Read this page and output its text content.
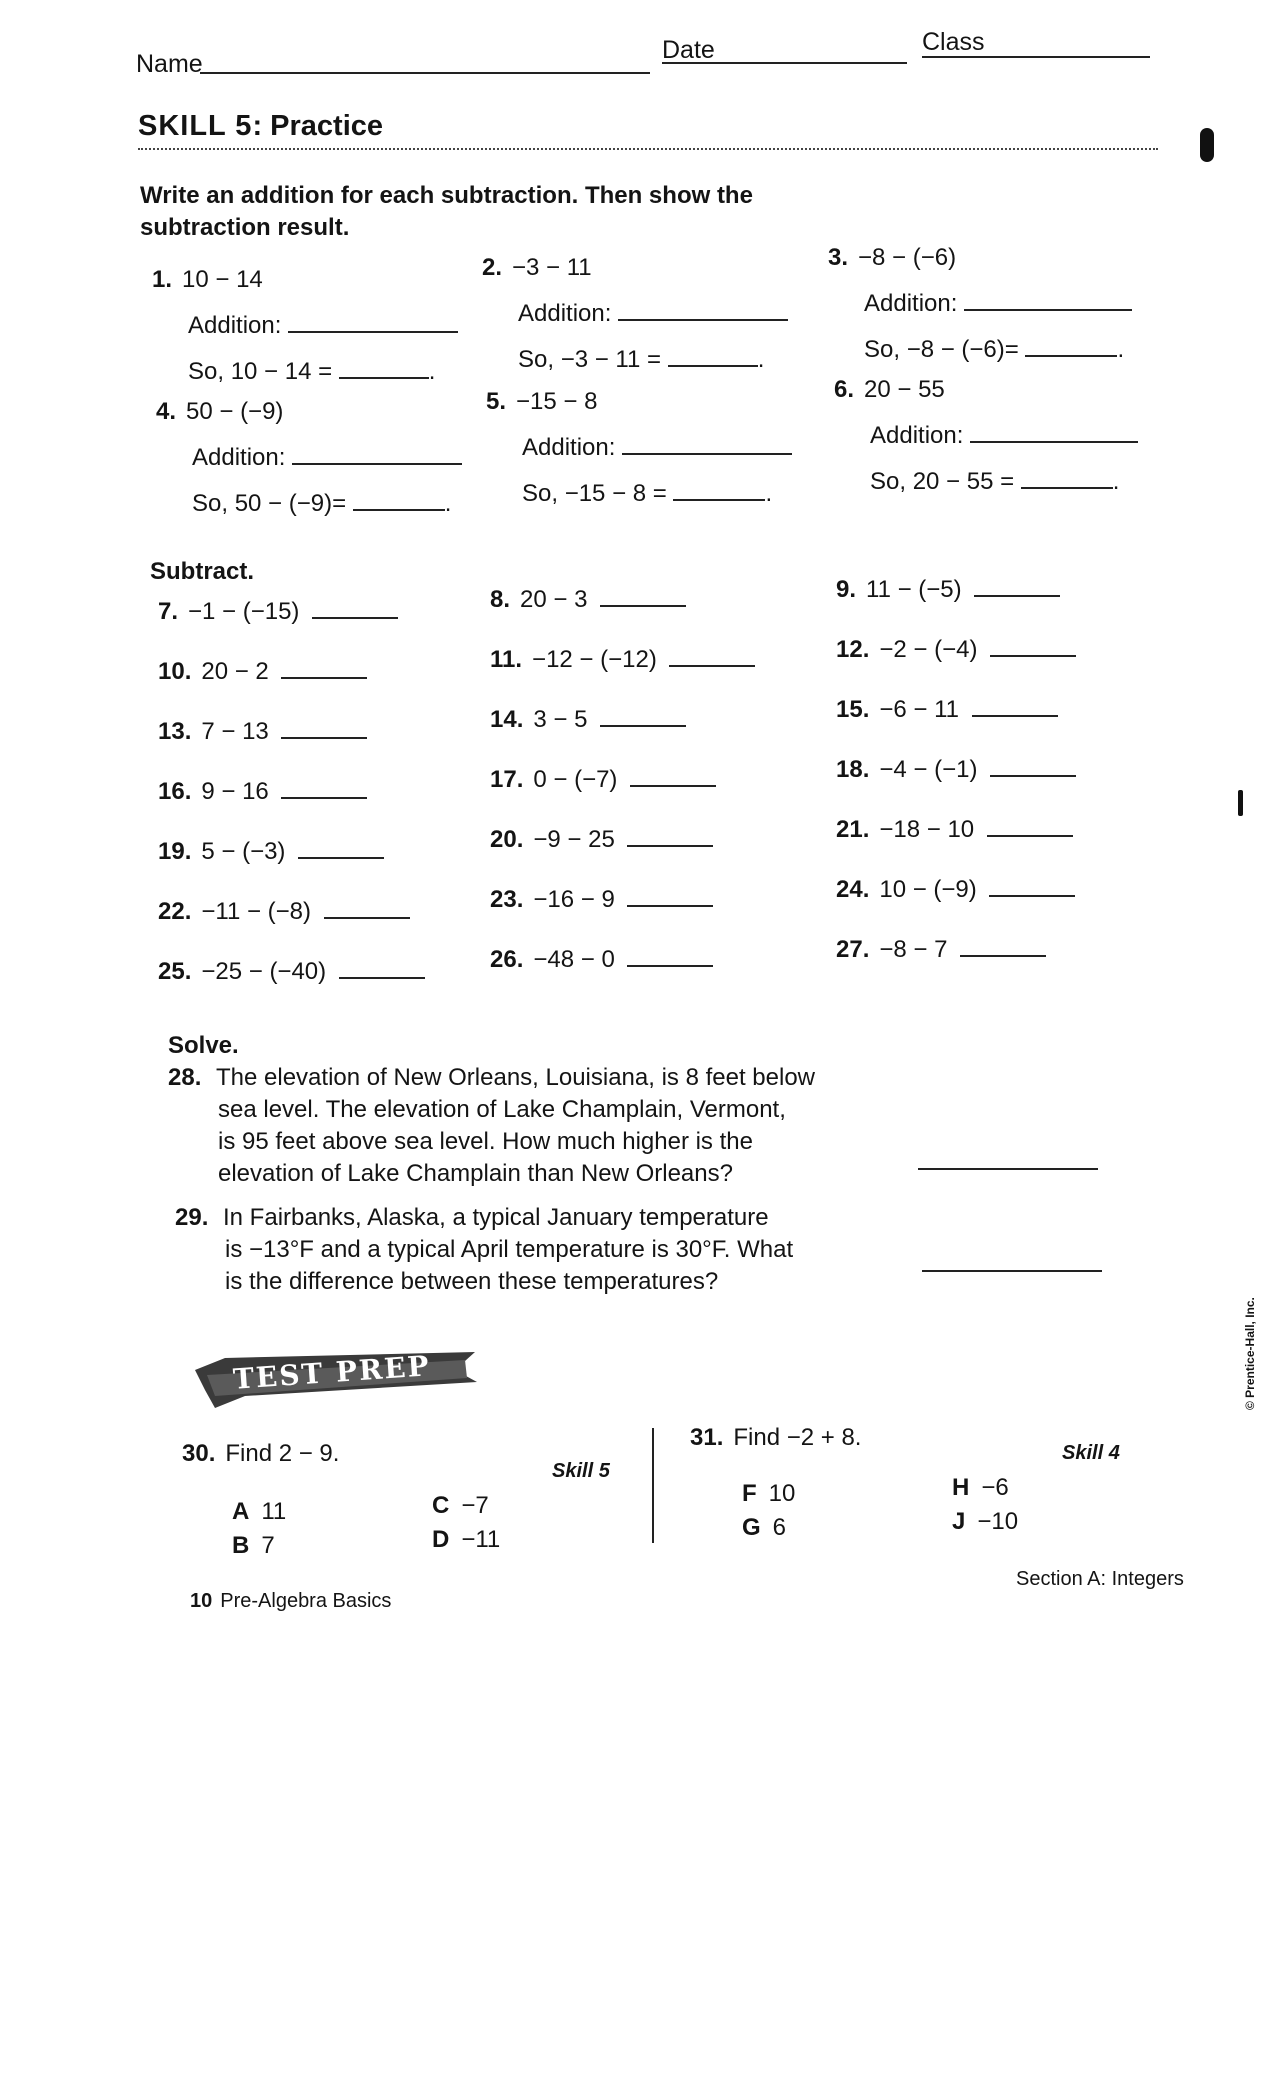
Name	Date	Class
SKILL 5: Practice
Write an addition for each subtraction. Then show the
subtraction result.
1. 10 − 14
Addition:
So, 10 − 14 =	.
2. −3 − 11
Addition:
So, −3 − 11 =	.
3. −8 − (−6)
Addition:
So, −8 − (−6)=	.
4. 50 − (−9)
Addition:
So, 50 − (−9)=	.
5. −15 − 8
Addition:
So, −15 − 8 =	.
6. 20 − 55
Addition:
So, 20 − 55 =	.
Subtract.
7. −1 − (−15)	8. 20 − 3	9. 11 − (−5)
10. 20 − 2	11. −12 − (−12)	12. −2 − (−4)
13. 7 − 13	14. 3 − 5	15. −6 − 11
16. 9 − 16	17. 0 − (−7)	18. −4 − (−1)
19. 5 − (−3)	20. −9 − 25	21. −18 − 10
22. −11 − (−8)	23. −16 − 9	24. 10 − (−9)
25. −25 − (−40)	26. −48 − 0	27. −8 − 7
Solve.
28. The elevation of New Orleans, Louisiana, is 8 feet below
sea level. The elevation of Lake Champlain, Vermont,
is 95 feet above sea level. How much higher is the
elevation of Lake Champlain than New Orleans?
29. In Fairbanks, Alaska, a typical January temperature
is −13°F and a typical April temperature is 30°F. What
is the difference between these temperatures?
TEST PREP
30. Find 2 − 9.
Skill 5
A 11
B 7
C −7
D −11
31. Find −2 + 8.
Skill 4
F 10
G 6
H −6
J −10
10 Pre-Algebra Basics
Section A: Integers
© Prentice-Hall, Inc.
